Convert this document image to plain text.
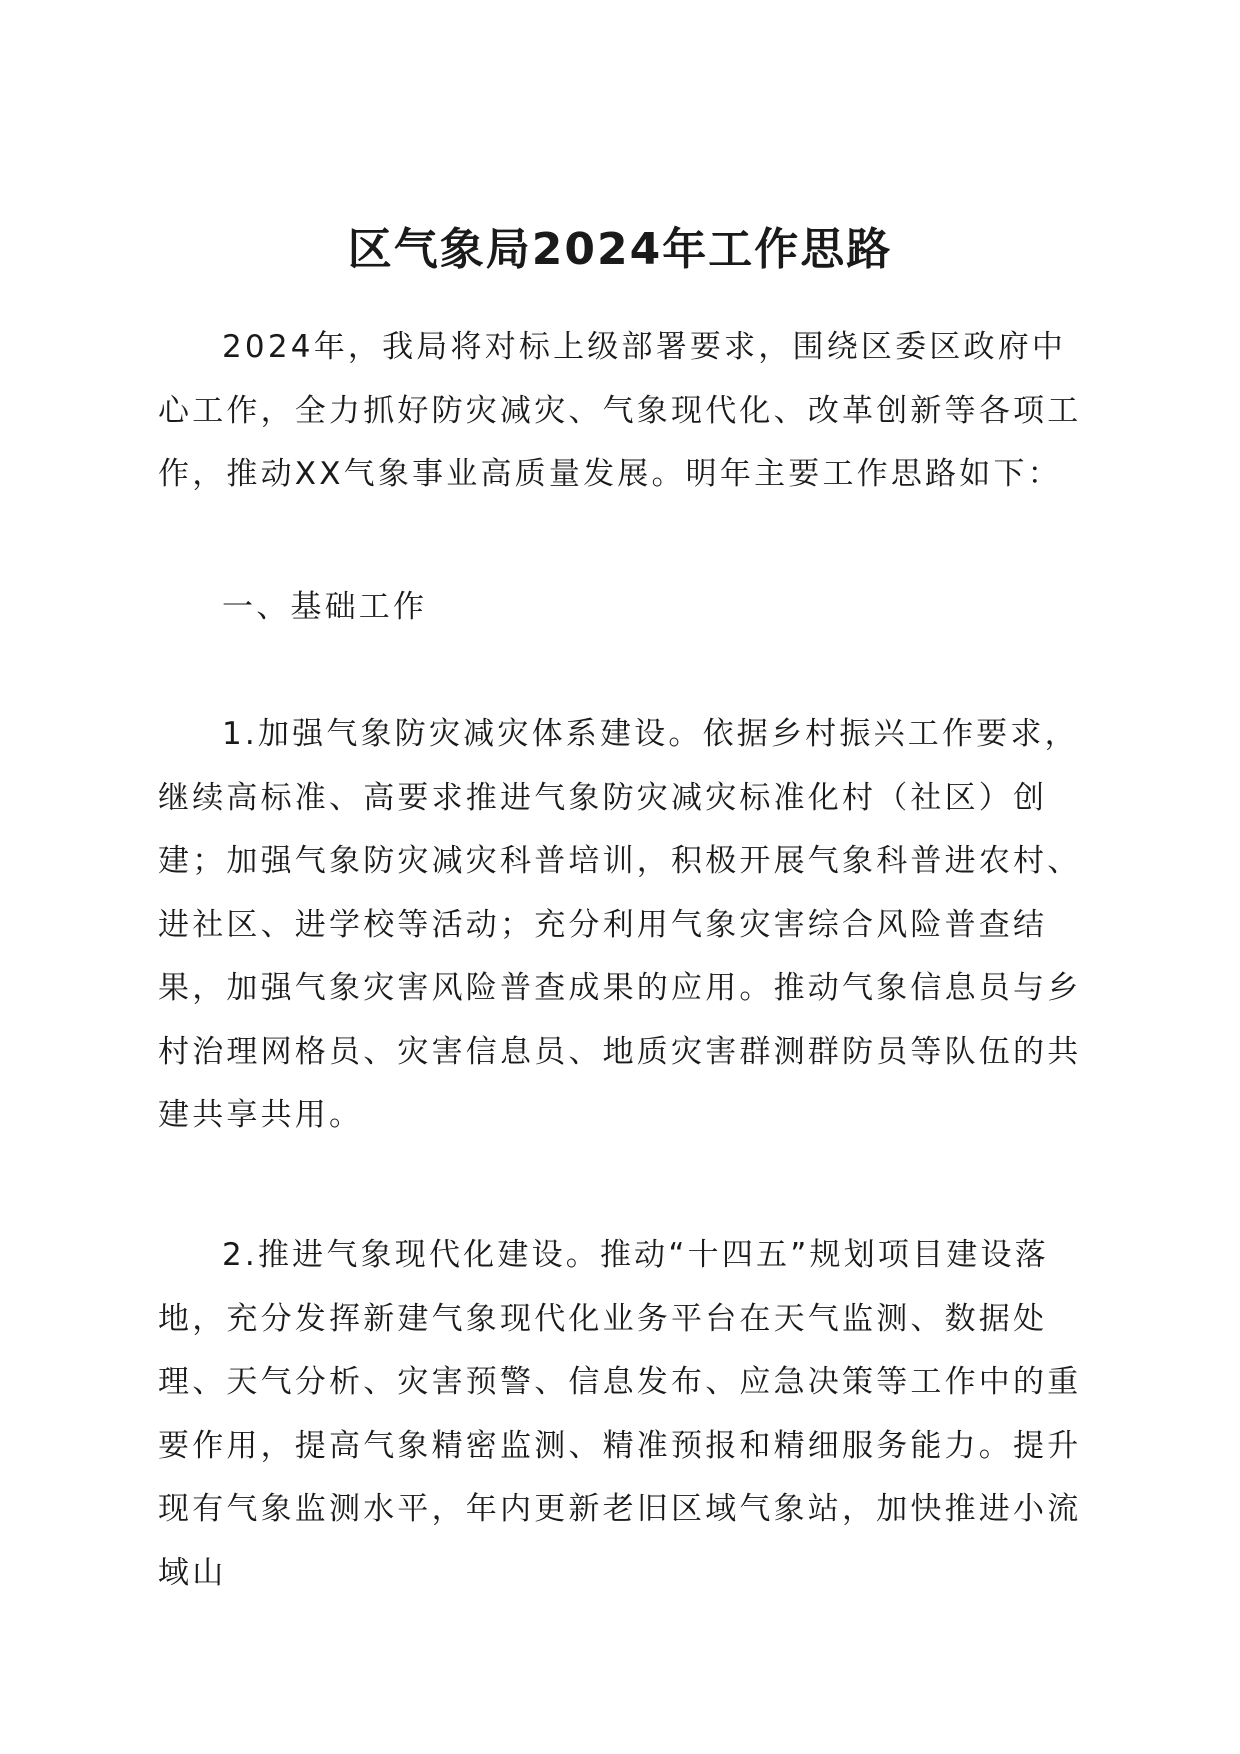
区气象局2024年工作思路

2024年，我局将对标上级部署要求，围绕区委区政府中心工作，全力抓好防灾减灾、气象现代化、改革创新等各项工作，推动XX气象事业高质量发展。明年主要工作思路如下：

一、基础工作

1.加强气象防灾减灾体系建设。依据乡村振兴工作要求，继续高标准、高要求推进气象防灾减灾标准化村（社区）创建；加强气象防灾减灾科普培训，积极开展气象科普进农村、进社区、进学校等活动；充分利用气象灾害综合风险普查结果，加强气象灾害风险普查成果的应用。推动气象信息员与乡村治理网格员、灾害信息员、地质灾害群测群防员等队伍的共建共享共用。

2.推进气象现代化建设。推动“十四五”规划项目建设落地，充分发挥新建气象现代化业务平台在天气监测、数据处理、天气分析、灾害预警、信息发布、应急决策等工作中的重要作用，提高气象精密监测、精准预报和精细服务能力。提升现有气象监测水平，年内更新老旧区域气象站，加快推进小流域山
